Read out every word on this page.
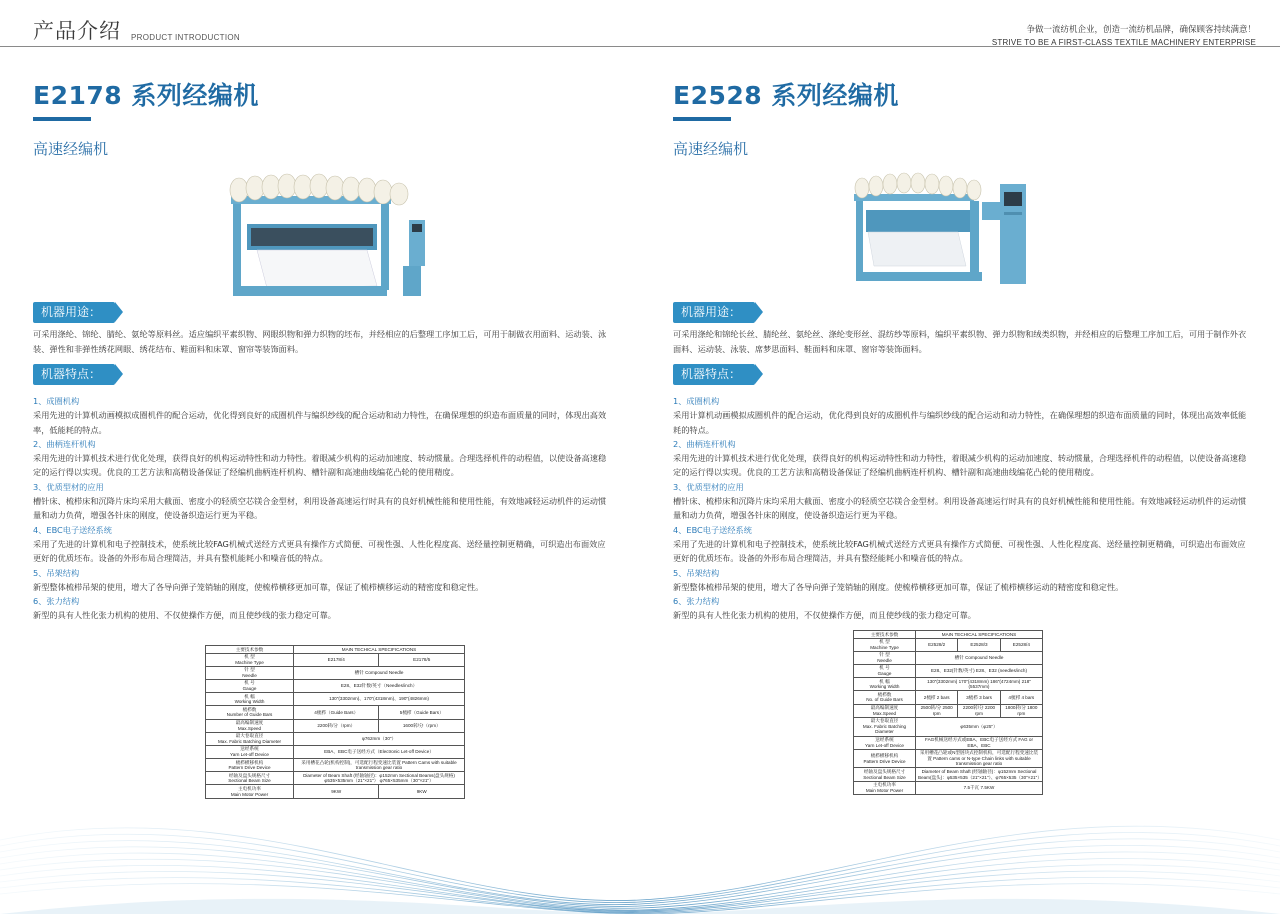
产品介绍 PRODUCT INTRODUCTION
争做一流纺机企业，创造一流纺机品牌，确保顾客持续满意！
STRIVE TO BE A FIRST-CLASS TEXTILE MACHINERY ENTERPRISE
E2178 系列经编机
高速经编机
机器用途：
可采用涤纶、锦纶、腈纶、氨纶等原料丝。适应编织平素织物、网眼织物和弹力织物的坯布，并经相应的后整理工序加工后，可用于制做衣用面料、运动装、泳装、弹性和非弹性绣花网眼、绣花结布、鞋面料和床罩、窗帘等装饰面料。
机器特点：
1、成圈机构
采用先进的计算机动画模拟成圈机件的配合运动，优化得到良好的成圈机件与编织纱线的配合运动和动力特性，在确保理想的织造布面质量的同时，体现出高效率，低能耗的特点。
2、曲柄连杆机构
采用先进的计算机技术进行优化处理，获得良好的机构运动特性和动力特性。着眼减少机构的运动加速度、转动惯量。合理选择机件的动程值，以使设备高速稳定的运行得以实现。优良的工艺方法和高精设备保证了经编机曲柄连杆机构、槽针副和高速曲线编花凸轮的使用精度。
3、优质型材的应用
槽针床、梳栉床和沉降片床均采用大截面、密度小的轻质空芯镁合金型材，利用设备高速运行时具有的良好机械性能和使用性能，有效地减轻运动机件的运动惯量和动力负荷，增强各针床的刚度，使设备织造运行更为平稳。
4、EBC电子送经系统
采用了先进的计算机和电子控制技术，使系统比较FAG机械式送经方式更具有操作方式简便、可视性强、人性化程度高、送经量控制更精确，可织造出布面效应更好的优质坯布。设备的外形布局合理简洁，并具有整机能耗小和噪音低的特点。
5、吊架结构
新型整体梳栉吊架的使用，增大了各导向弹子笼销轴的刚度，使梳栉横移更加可靠，保证了梳栉横移运动的精密度和稳定性。
6、张力结构
新型的具有人性化张力机构的使用、不仅使操作方便，而且使纱线的张力稳定可靠。
主要技术参数	MAIN TECHICAL SPECIFICATIONS	
机 型
Machine Type	E2178/4	E2178/5
针 型
Needle	槽针 Compound Needle	
机 号
Gauge	E28、E32针数/英寸（Needles/inch）	
机 幅
Working Width	130"(3302mm)、170"(4318mm)、190"(4826mm)	
梳栉数
Number of Guide Bars	4梳栉（Guide Bars）	5梳栉（Guide Bars）
最高编制速度
Max.Speed	2200转/分（rpm）	1600转/分（rpm）
最大卷取直径
Max. Fabric Batching Diameter	φ762mm（30"）	
送经系统
Yarn Let-off Device	EBA、EBC电子送经方式（Electronic Let-off Device）	
梳栉横移机构
Pattern Drive Device	采用槽花凸轮(机构控制)，可选配行程变速比装置 Pattern Cams with suitable transmission gear ratio	
经轴及盘头规格尺寸
Sectional Beam Size	Diameter of Beam Shaft (经轴轴径)：φ152mm Sectional Beams(盘头规格) φ535×535mm（21"×21"） φ765×535mm（30"×21"）	
主电机功率
Main Motor Power	9KW	9KW
E2528 系列经编机
高速经编机
机器用途：
可采用涤纶和锦纶长丝、腈纶丝、氨纶丝、涤纶变形丝、混纺纱等原料，编织平素织物、弹力织物和绒类织物，并经相应的后整理工序加工后，可用于制作外衣面料、运动装、泳装、席梦思面料、鞋面料和床罩、窗帘等装饰面料。
机器特点：
1、成圈机构
采用计算机动画模拟成圈机件的配合运动，优化得到良好的成圈机件与编织纱线的配合运动和动力特性，在确保理想的织造布面质量的同时，体现出高效率低能耗的特点。
2、曲柄连杆机构
采用先进的计算机技术进行优化处理，获得良好的机构运动特性和动力特性，着眼减少机构的运动加速度、转动惯量，合理选择机件的动程值，以使设备高速稳定的运行得以实现。优良的工艺方法和高精设备保证了经编机曲柄连杆机构、槽针副和高速曲线编花凸轮的使用精度。
3、优质型材的应用
槽针床、梳栉床和沉降片床均采用大截面、密度小的轻质空芯镁合金型材。利用设备高速运行时具有的良好机械性能和使用性能。有效地减轻运动机件的运动惯量和动力负荷，增强各针床的刚度，使设备织造运行更为平稳。
4、EBC电子送经系统
采用了先进的计算机和电子控制技术，使系统比较FAG机械式送经方式更具有操作方式简便、可视性强、人性化程度高、送经量控制更精确，可织造出布面效应更好的优质坯布。设备的外形布局合理简洁，并具有整经能耗小和噪音低的特点。
5、吊架结构
新型整体梳栉吊架的使用，增大了各导向弹子笼销轴的刚度。使梳栉横移更加可靠，保证了梳栉横移运动的精密度和稳定性。
6、张力结构
新型的具有人性化张力机构的使用，不仅使操作方便，而且使纱线的张力稳定可靠。
主要技术参数	MAIN TECHICAL SPECIFICATIONS		
机 型
Machine Type	E2528/2	E2528/3	E2528/4
针 型
Needle	槽针 Compound Needle		
机 号
Gauge	E28、E32(针数/英寸) E28、E32 (needles/inch)		
机 幅
Working Width	130"(3302mm) 170"(4318mm) 186"(4724mm) 218"(5537mm)		
梳栉数
No. of Guide Bars	2梳栉 2 bars	3梳栉 3 bars	4梳栉 4 bars
最高编制速度
Max.Speed	2500转/分 2500 rpm	2200转/分 2200 rpm	1800转/分 1800 rpm
最大卷取直径
Max. Fabric Batching Diameter	φ635mm（φ25"）		
送经系统
Yarn Let-off Device	FAG机械送经方式或EBA、EBC电子送经方式 FAG or EBA、EBC		
梳栉横移机构
Pattern Drive Device	采用槽花凸轮或N型链块式控制机构，可选配行程变速比装置 Pattern cams or N-type Chain links with suitable transmission gear ratio		
经轴及盘头规格尺寸
Sectional Beam Size	Diameter of Beam Shaft (经轴轴径)：φ152mm Sectional Beam(盘头)：φ535×535（21"×21"）、φ765×535（30"×21"）		
主电机功率
Main Motor Power	7.5千瓦 7.5KW		
